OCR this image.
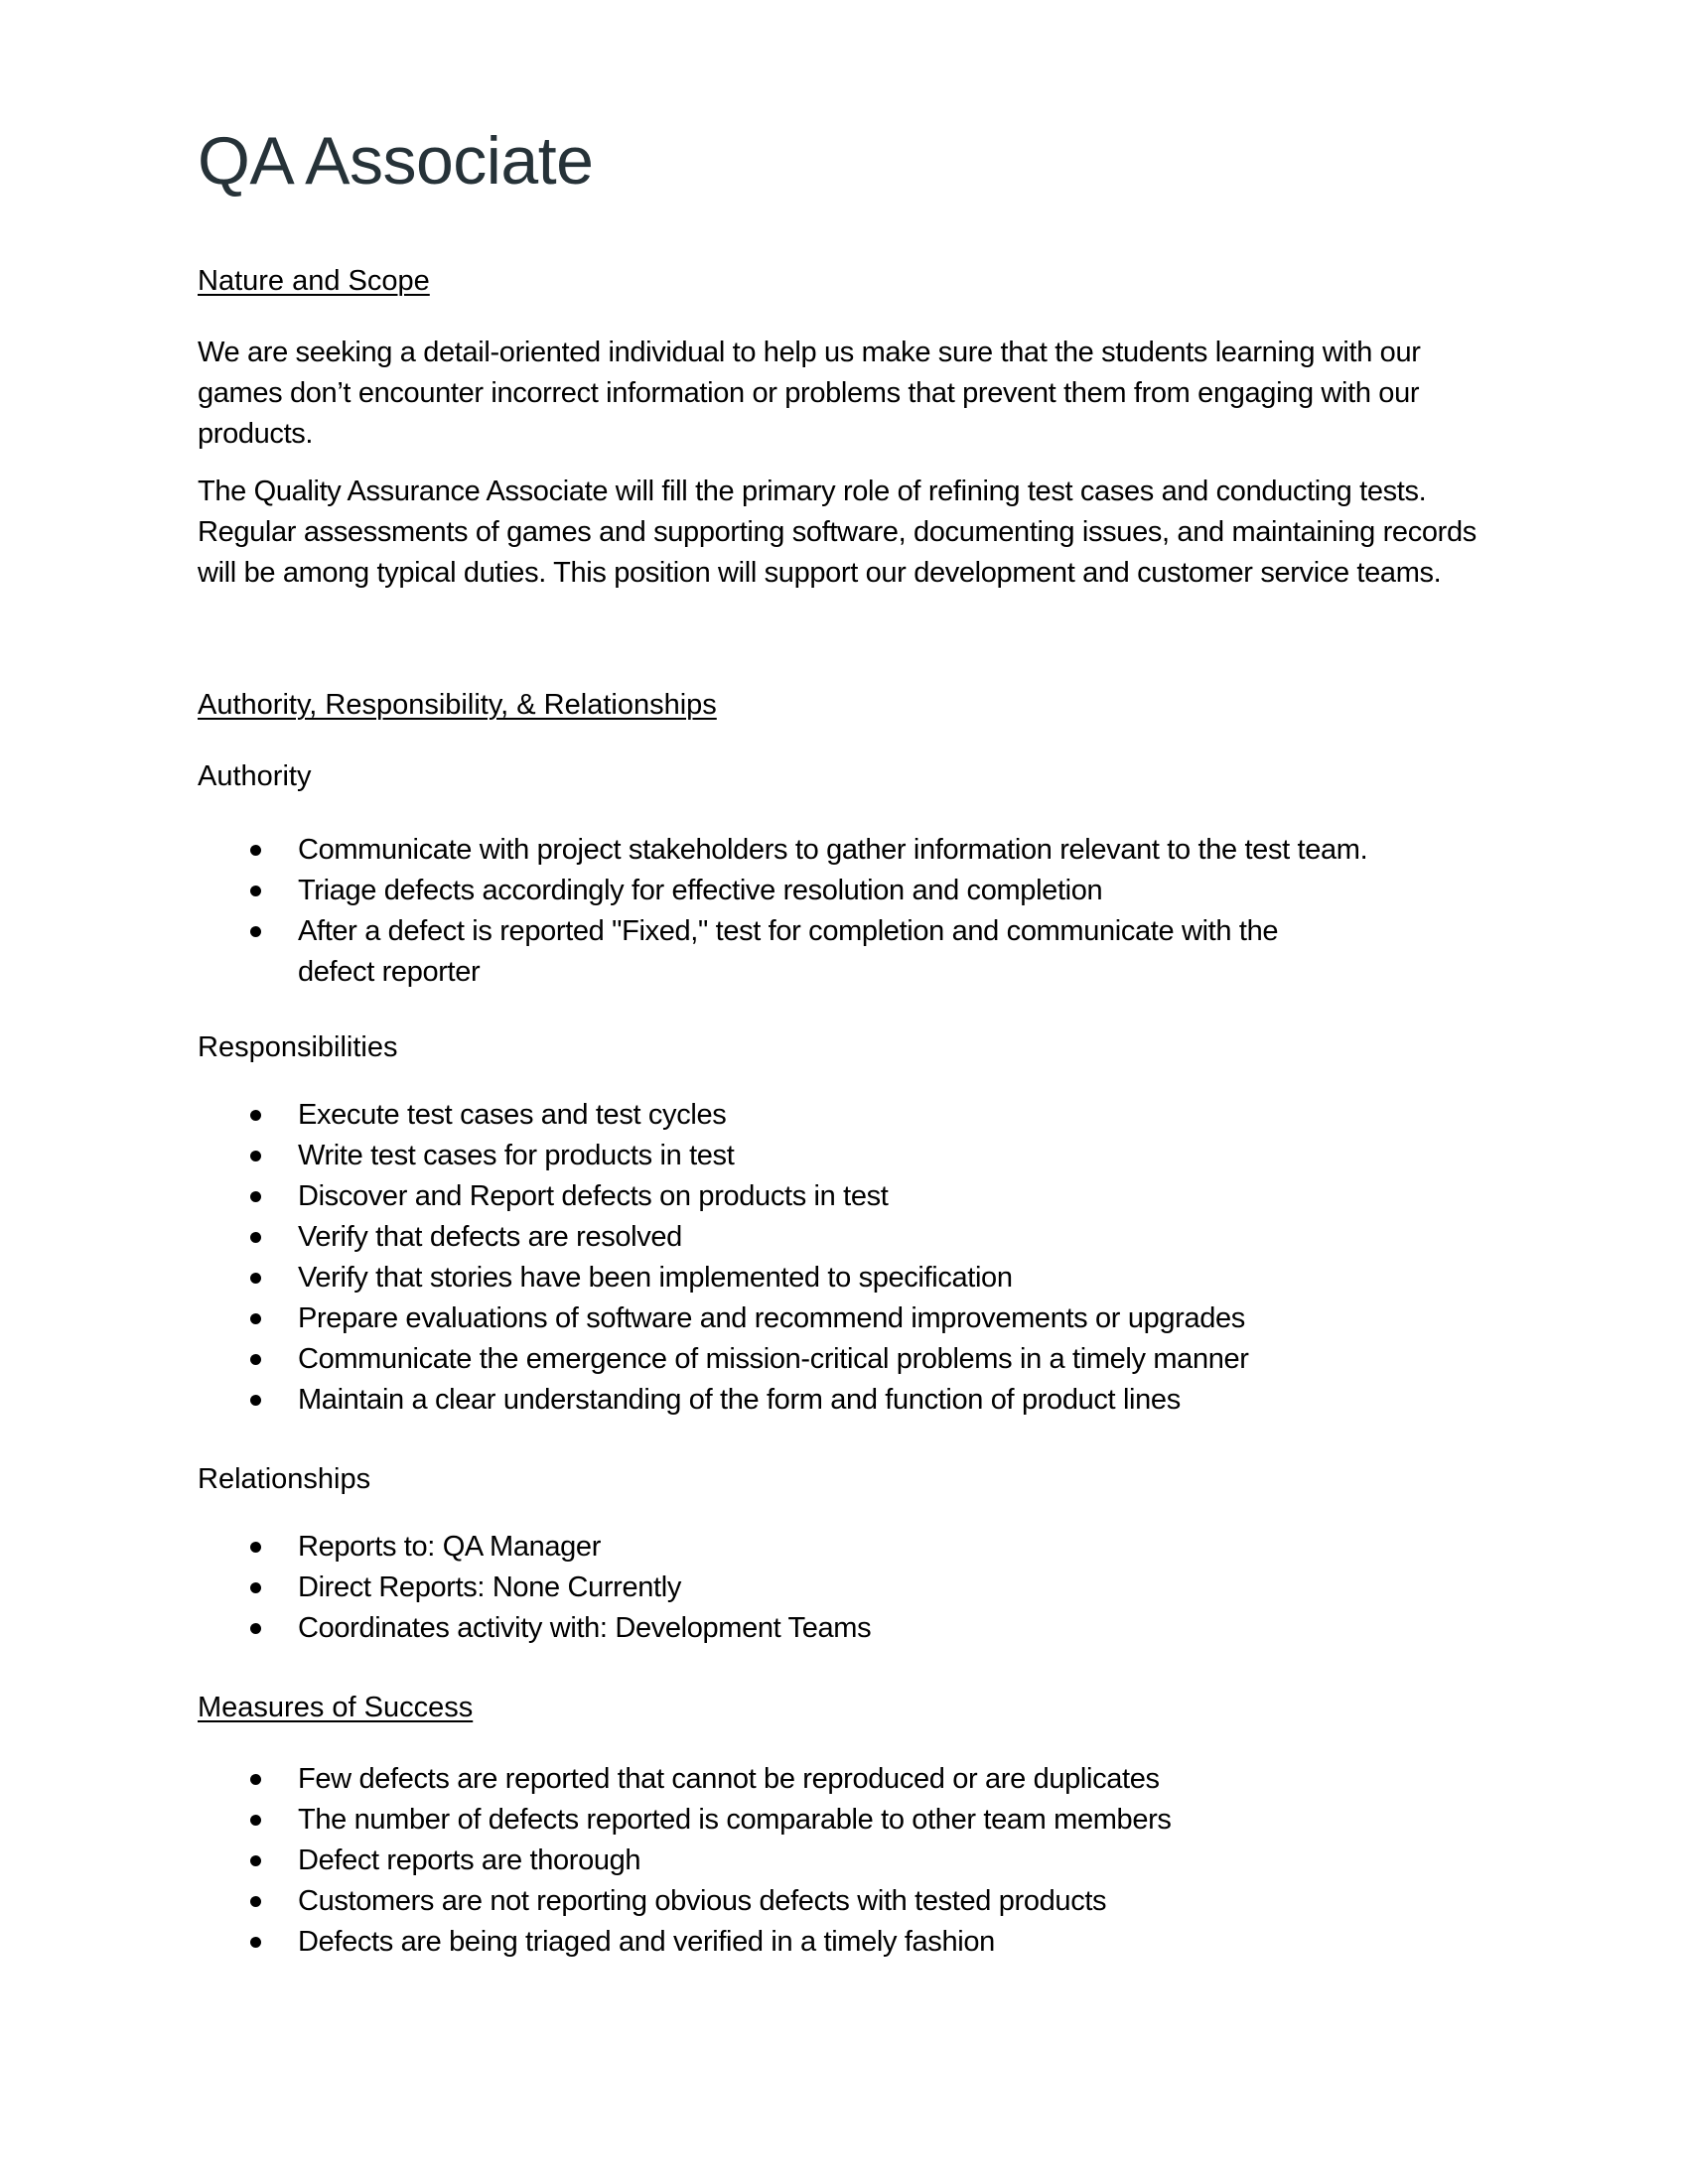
QA Associate
Nature and Scope

We are seeking a detail-oriented individual to help us make sure that the students learning with our games don’t encounter incorrect information or problems that prevent them from engaging with our products.

The Quality Assurance Associate will fill the primary role of refining test cases and conducting tests. Regular assessments of games and supporting software, documenting issues, and maintaining records will be among typical duties. This position will support our development and customer service teams.

Authority, Responsibility, & Relationships
Authority
Communicate with project stakeholders to gather information relevant to the test team.
Triage defects accordingly for effective resolution and completion
After a defect is reported "Fixed," test for completion and communicate with the defect reporter
Responsibilities
Execute test cases and test cycles
Write test cases for products in test
Discover and Report defects on products in test
Verify that defects are resolved
Verify that stories have been implemented to specification
Prepare evaluations of software and recommend improvements or upgrades
Communicate the emergence of mission-critical problems in a timely manner
Maintain a clear understanding of the form and function of product lines
Relationships
Reports to: QA Manager
Direct Reports: None Currently
Coordinates activity with: Development Teams
Measures of Success
Few defects are reported that cannot be reproduced or are duplicates
The number of defects reported is comparable to other team members
Defect reports are thorough
Customers are not reporting obvious defects with tested products
Defects are being triaged and verified in a timely fashion
